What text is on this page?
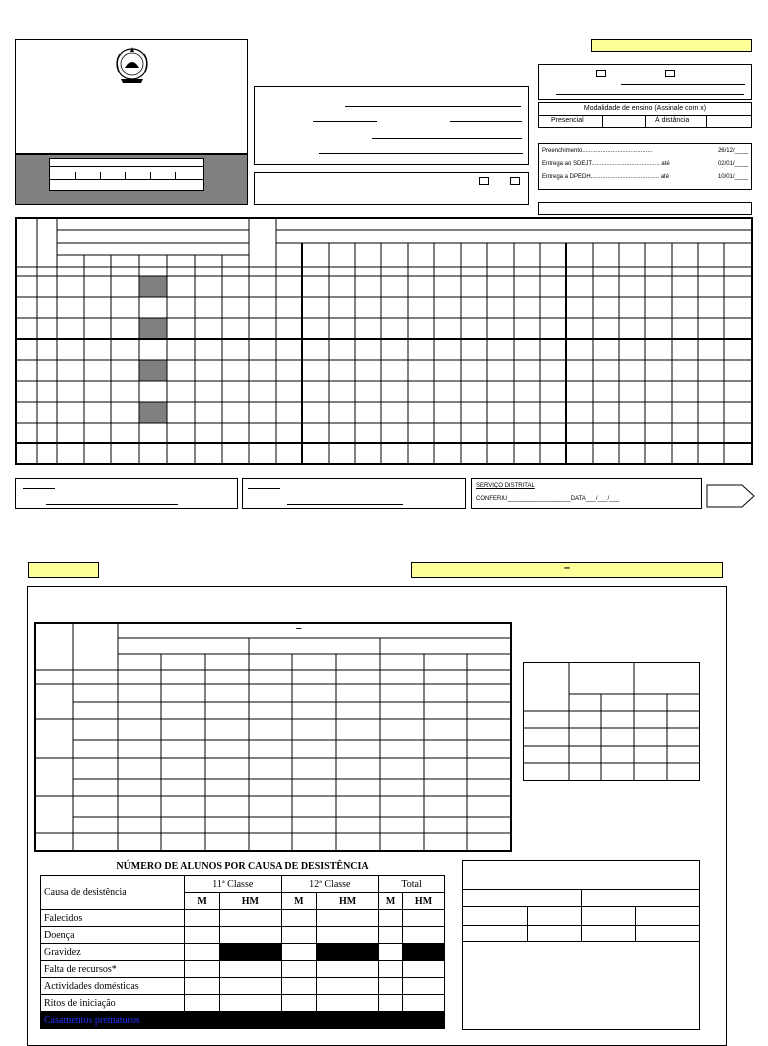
Modalidade de ensino (Assinale com x)
Presencial	À distância
Preenchimento..........................................	26/12/____
Entrega ao SDEJT......................................... até	02/01/____
Entrega a DPEDH......................................... até	10/01/____
SERVIÇO DISTRITAL
CONFERIU___________________DATA___/___/___
–
–
NÚMERO DE ALUNOS POR CAUSA DE DESISTÊNCIA
Causa de desistência	11ª Classe		12ª Classe		Total	
	M	HM	M	HM	M	HM
Falecidos						
Doença						
Gravidez						
Falta de recursos*						
Actividades domésticas						
Ritos de iniciação						
Casamentos prematuros						
